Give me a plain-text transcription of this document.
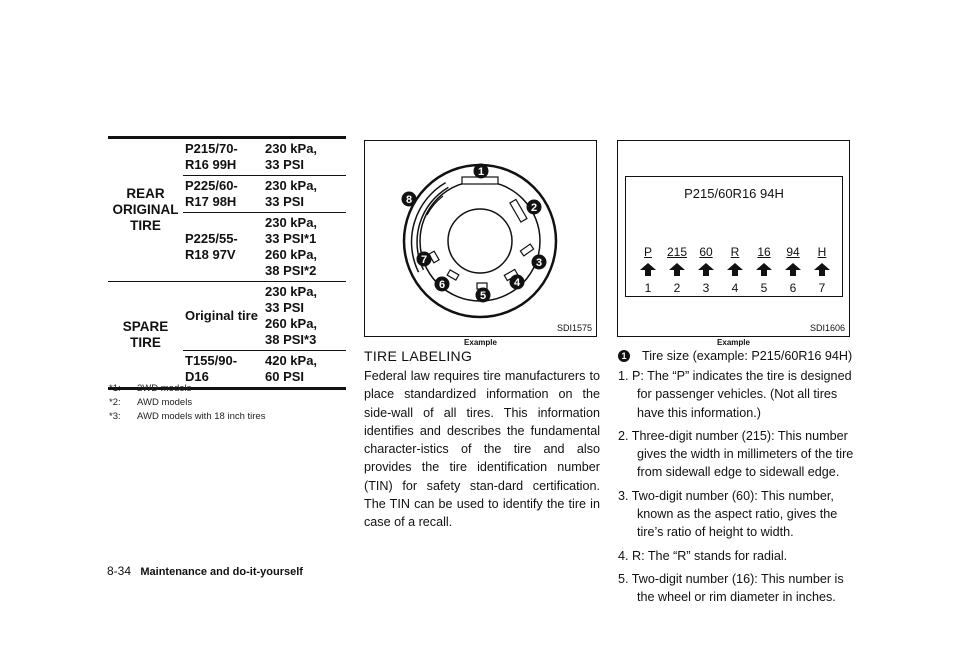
REAR
ORIGINAL
TIRE
P215/70-
R16 99H
230 kPa,
33 PSI
P225/60-
R17 98H
230 kPa,
33 PSI
P225/55-
R18 97V
230 kPa,
33 PSI*1
260 kPa,
38 PSI*2
SPARE
TIRE
Original tire
230 kPa,
33 PSI
260 kPa,
38 PSI*3
T155/90-
D16
420 kPa,
60 PSI
*1: 2WD models
*2: AWD models
*3: AWD models with 18 inch tires
1
2
3
4
5
6
7
8
SDI1575
Example
P215/60R16 94H
P
1
215
2
60
3
R
4
16
5
94
6
H
7
SDI1606
Example
TIRE LABELING

Federal law requires tire manufacturers to place standardized information on the side-wall of all tires. This information identifies and describes the fundamental character-istics of the tire and also provides the tire identification number (TIN) for safety stan-dard certification. The TIN can be used to identify the tire in case of a recall.

1 Tire size (example: P215/60R16 94H)
1. P: The “P” indicates the tire is designed for passenger vehicles. (Not all tires have this information.)
2. Three-digit number (215): This number gives the width in millimeters of the tire from sidewall edge to sidewall edge.
3. Two-digit number (60): This number, known as the aspect ratio, gives the tire’s ratio of height to width.
4. R: The “R” stands for radial.
5. Two-digit number (16): This number is the wheel or rim diameter in inches.
8-34 Maintenance and do-it-yourself
